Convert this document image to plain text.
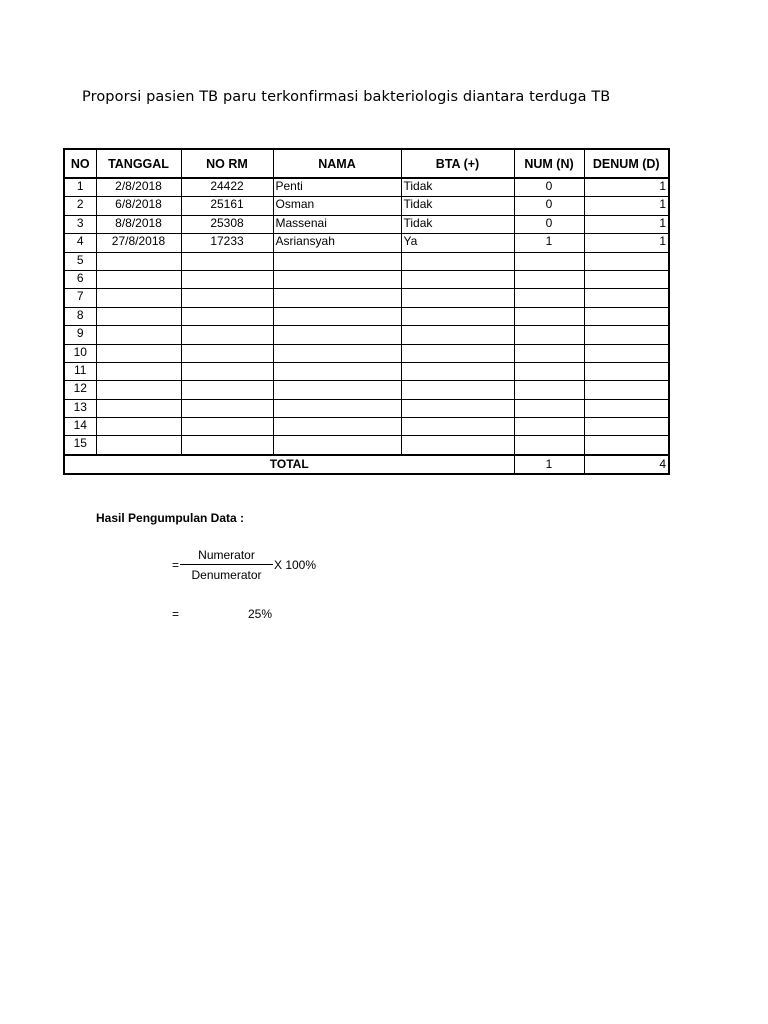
Proporsi pasien TB paru terkonfirmasi bakteriologis diantara terduga TB
NO	TANGGAL	NO RM	NAMA	BTA (+)	NUM (N)	DENUM (D)
1	2/8/2018	24422	Penti	Tidak	0	1
2	6/8/2018	25161	Osman	Tidak	0	1
3	8/8/2018	25308	Massenai	Tidak	0	1
4	27/8/2018	17233	Asriansyah	Ya	1	1
5						
6						
7						
8						
9						
10						
11						
12						
13						
14						
15						
TOTAL					1	4
Hasil Pengumpulan Data :
=
Numerator
Denumerator
X 100%
=	25%
